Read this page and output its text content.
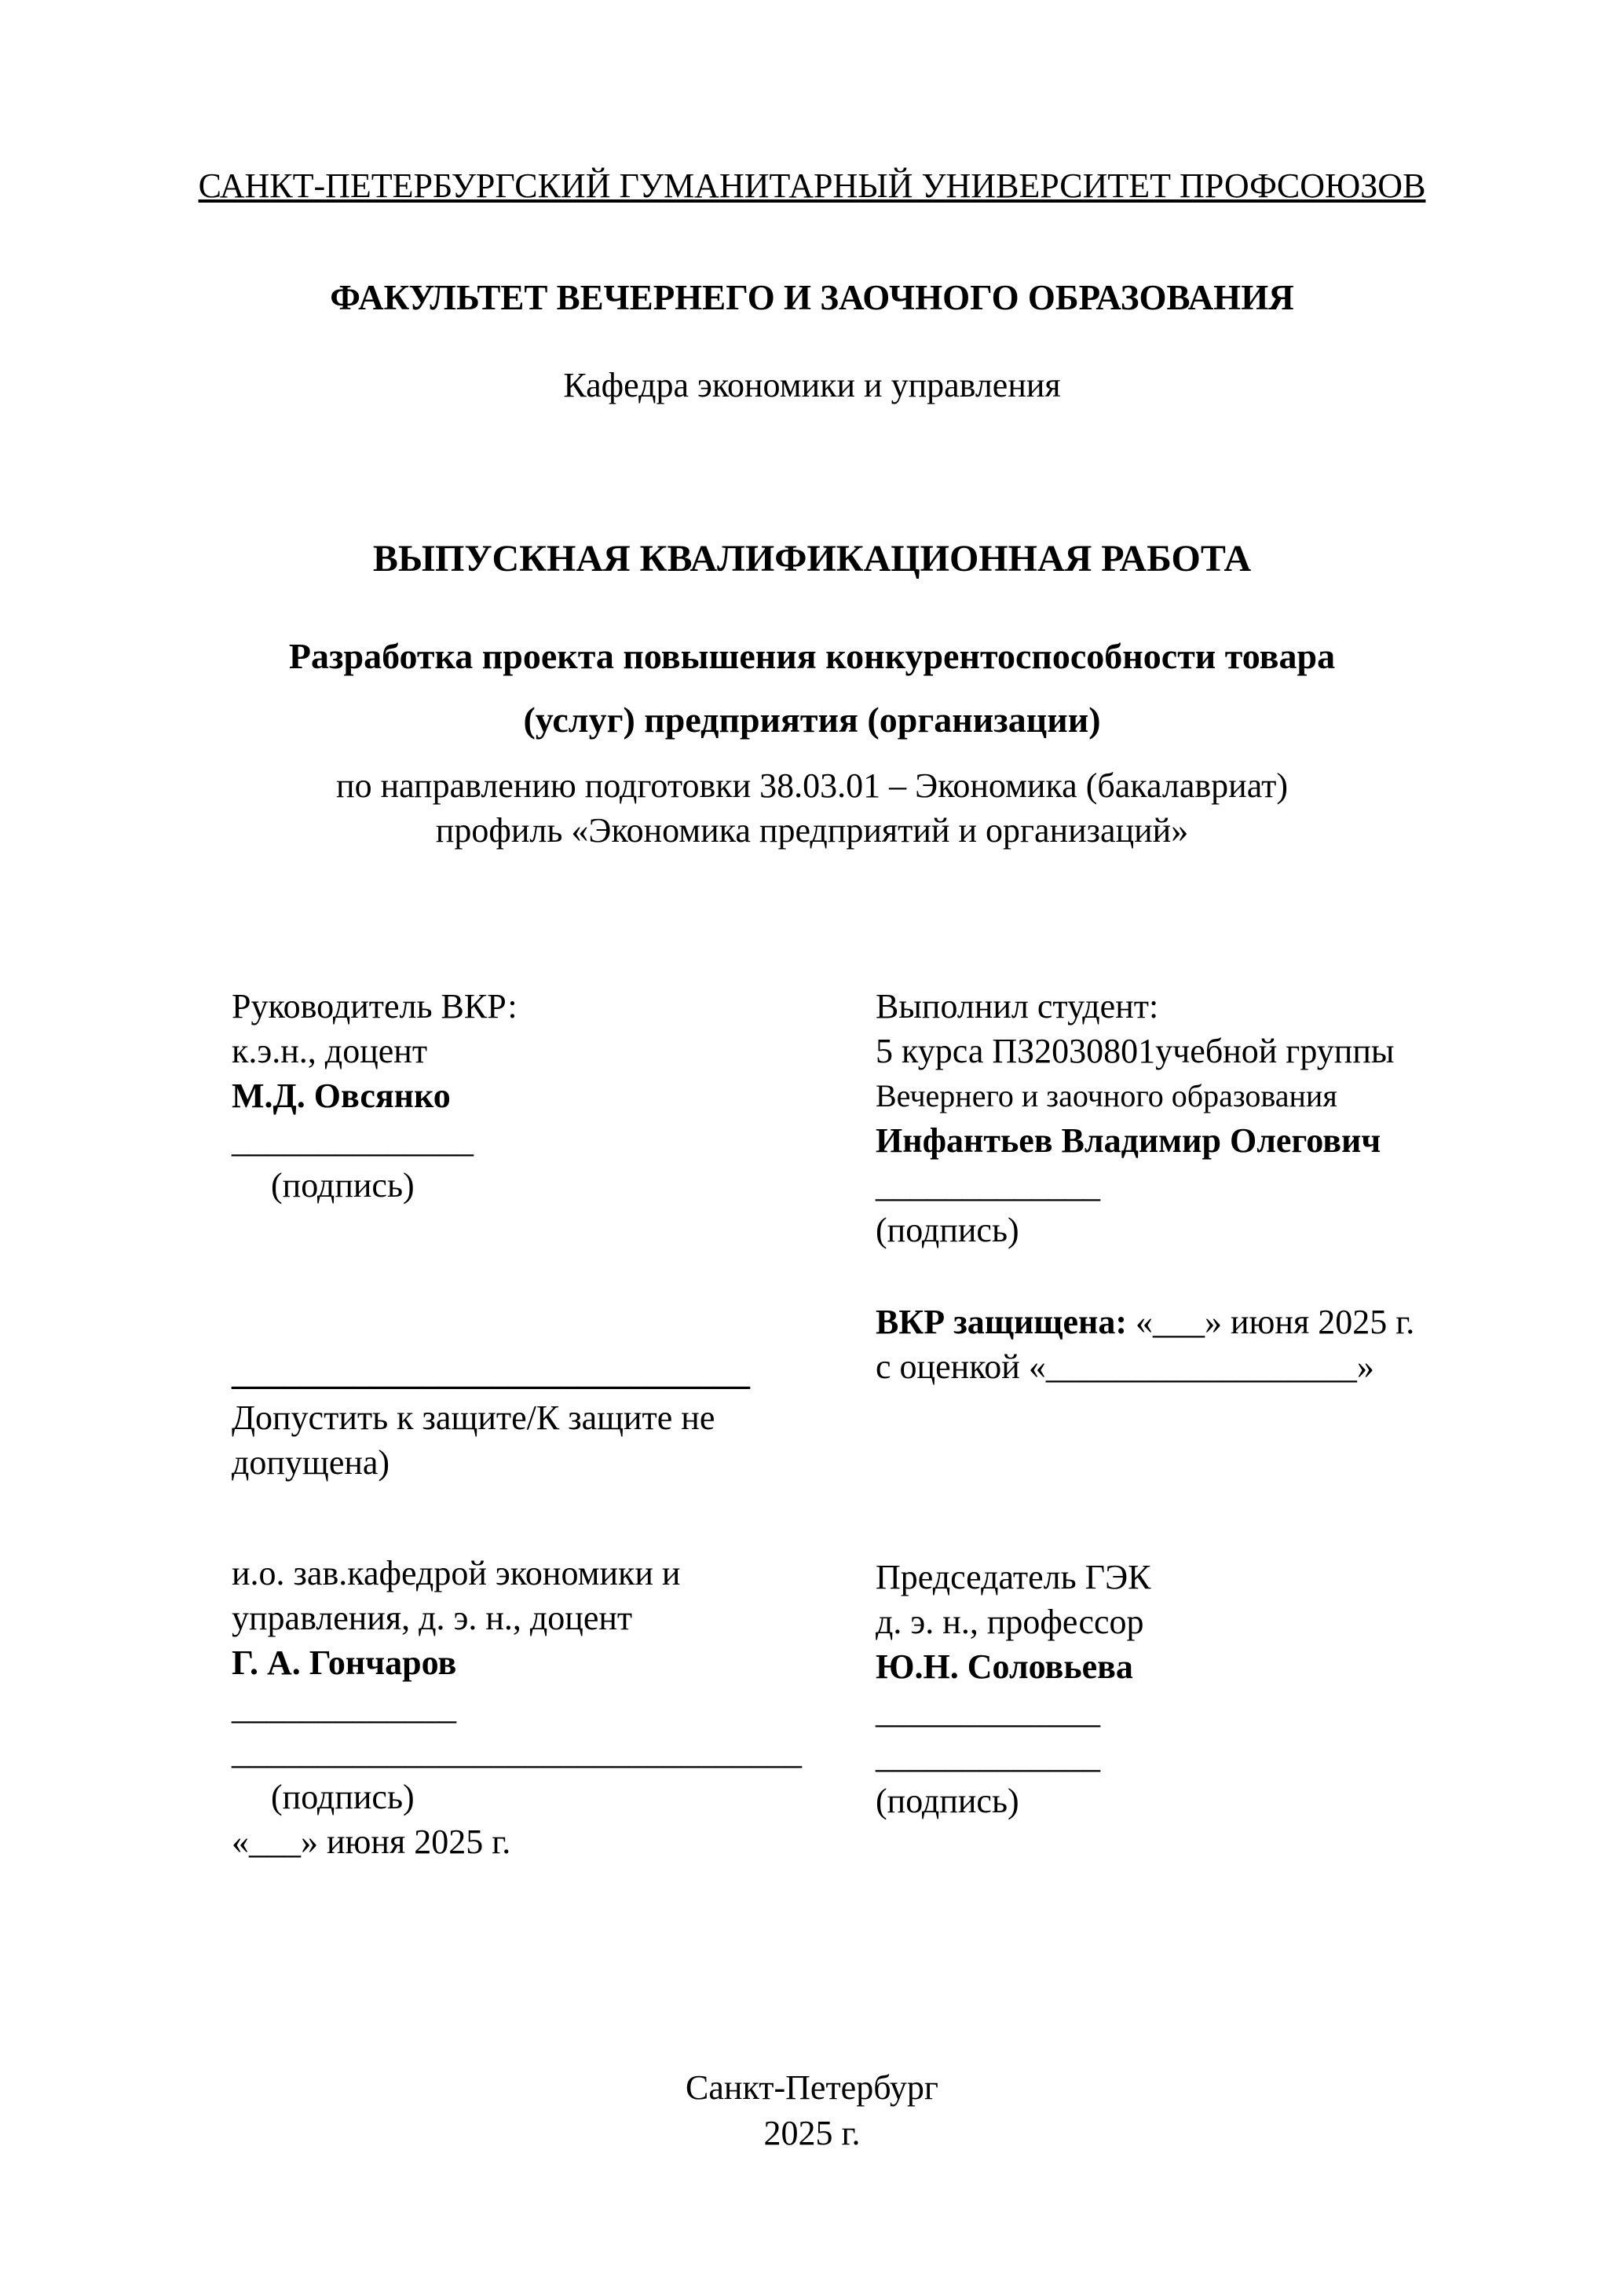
САНКТ-ПЕТЕРБУРГСКИЙ ГУМАНИТАРНЫЙ УНИВЕРСИТЕТ ПРОФСОЮЗОВ
ФАКУЛЬТЕТ ВЕЧЕРНЕГО И ЗАОЧНОГО ОБРАЗОВАНИЯ
Кафедра экономики и управления
ВЫПУСКНАЯ КВАЛИФИКАЦИОННАЯ РАБОТА
Разработка проекта повышения конкурентоспособности товара
(услуг) предприятия (организации)
по направлению подготовки 38.03.01 – Экономика (бакалавриат)
профиль «Экономика предприятий и организаций»
Руководитель ВКР:
к.э.н., доцент
М.Д. Овсянко
______________
(подпись)
______________________________
Допустить к защите/К защите не
допущена)
и.о. зав.кафедрой экономики и
управления, д. э. н., доцент
Г. А. Гончаров
_____________
_________________________________
(подпись)
«___» июня 2025 г.
Выполнил студент:
5 курса ПЗ2030801учебной группы
Вечернего и заочного образования
Инфантьев Владимир Олегович
_____________
(подпись)
ВКР защищена: «___» июня 2025 г.
с оценкой «__________________»
Председатель ГЭК
д. э. н., профессор
Ю.Н. Соловьева
_____________
_____________
(подпись)
Санкт-Петербург
2025 г.
